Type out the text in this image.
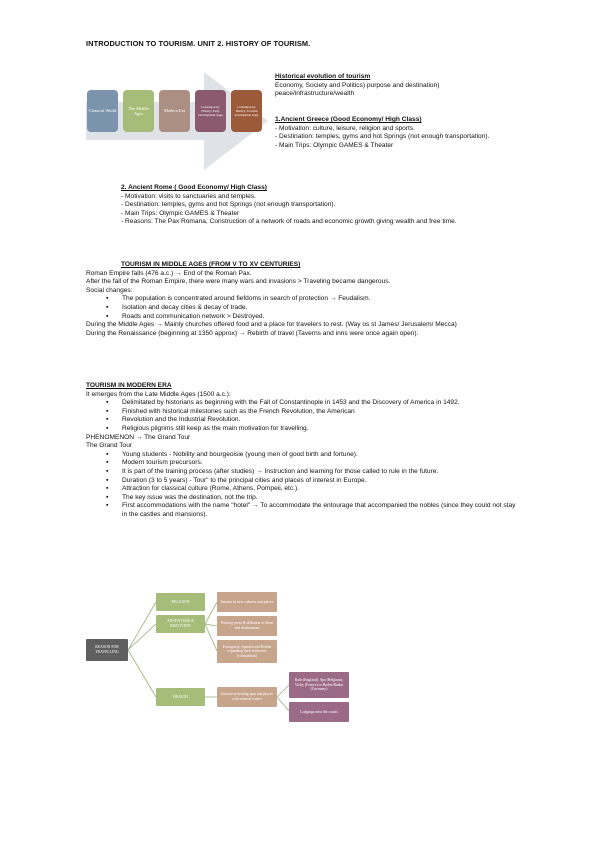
INTRODUCTION TO TOURISM. UNIT 2. HISTORY OF TOURISM.
Classical World
The Middle Ages
Modern Era
Contemporary History: Early Development stage
Contemporary History: Tourism development stage

Historical evolution of tourism

Economy, Society and Politics) purpose and destination)

peace/infrastructure/wealth

1.Ancient Greece (Good Economy/ High Class)

- Motivation: culture, leisure, religion and sports.

- Destination: temples, gyms and hot Springs (not enough transportation).

- Main Trips: Olympic GAMES & Theater

2. Ancient Rome ( Good Economy/ High Class)

- Motivation: visits to sanctuaries and temples.

- Destination: temples, gyms and hot Springs (not enough transportation).

- Main Trips: Olympic GAMES & Theater

- Reasons: The Pax Romana, Construction of a network of roads and economic growth giving wealth and free time.

TOURISM IN MIDDLE AGES (FROM V TO XV CENTURIES)

Roman Empire falls (476 a.c.) → End of the Roman Pax.

After the fall of the Roman Empire, there were many wars and invasions > Traveling became dangerous.

Social changes:

▪ The population is concentrated around fiefdoms in search of protection → Feudalism.
▪ Isolation and decay cities & decay of trade.
▪ Roads and communication network > Destroyed.

During the Middle Ages → Mainly churches offered food and a place for travelers to rest. (Way os st James/ Jerusalem/ Mecca)

During the Renaissance (beginning at 1350 approx) → Rebirth of travel (Taverns and inns were once again open).

TOURISM IN MODERN ERA

It emerges from the Late Middle Ages (1500 a.c.):

▪ Delimitated by historians as beginning with the Fall of Constantinople in 1453 and the Discovery of America in 1492.
▪ Finished with historical milestones such as the French Revolution, the American
▪ Revolution and the Industrial Revolution.
▪ Religious pilgrims still keep as the main motivation for travelling.

PHENOMENON → The Grand Tour

The Grand Tour

▪ Young students - Nobility and bourgeoisie (young men of good birth and fortune).
▪ Modern tourism precursors.
▪ It is part of the training process (after studies) → Instruction and learning for those called to rule in the future.
▪ Duration (3 to 5 years) - Tour" to the principal cities and places of interest in Europe.
▪ Attraction for classical culture (Rome, Athens, Pompeii, etc.).
▪ The key issue was the destination, not the trip.
▪ First accommodations with the name "hotel" → To accommodate the entourage that accompanied the nobles (since they could not stay in the castles and mansions).
REASON FOR TRAVELLING
RELIGION
ADVENTURE & DISCOVERY
HEALTH
Interest in new cultures and places
Printing press & diffusion of ideas and destinations
Portuguese, Spanish and British expanding their territories (colonialism)
Interest in healing spas and places with mineral waters
Bath (England), Spa (Belgium), Vichy (France) or Baden Baden (Germany)
Lodgings near the coasts
